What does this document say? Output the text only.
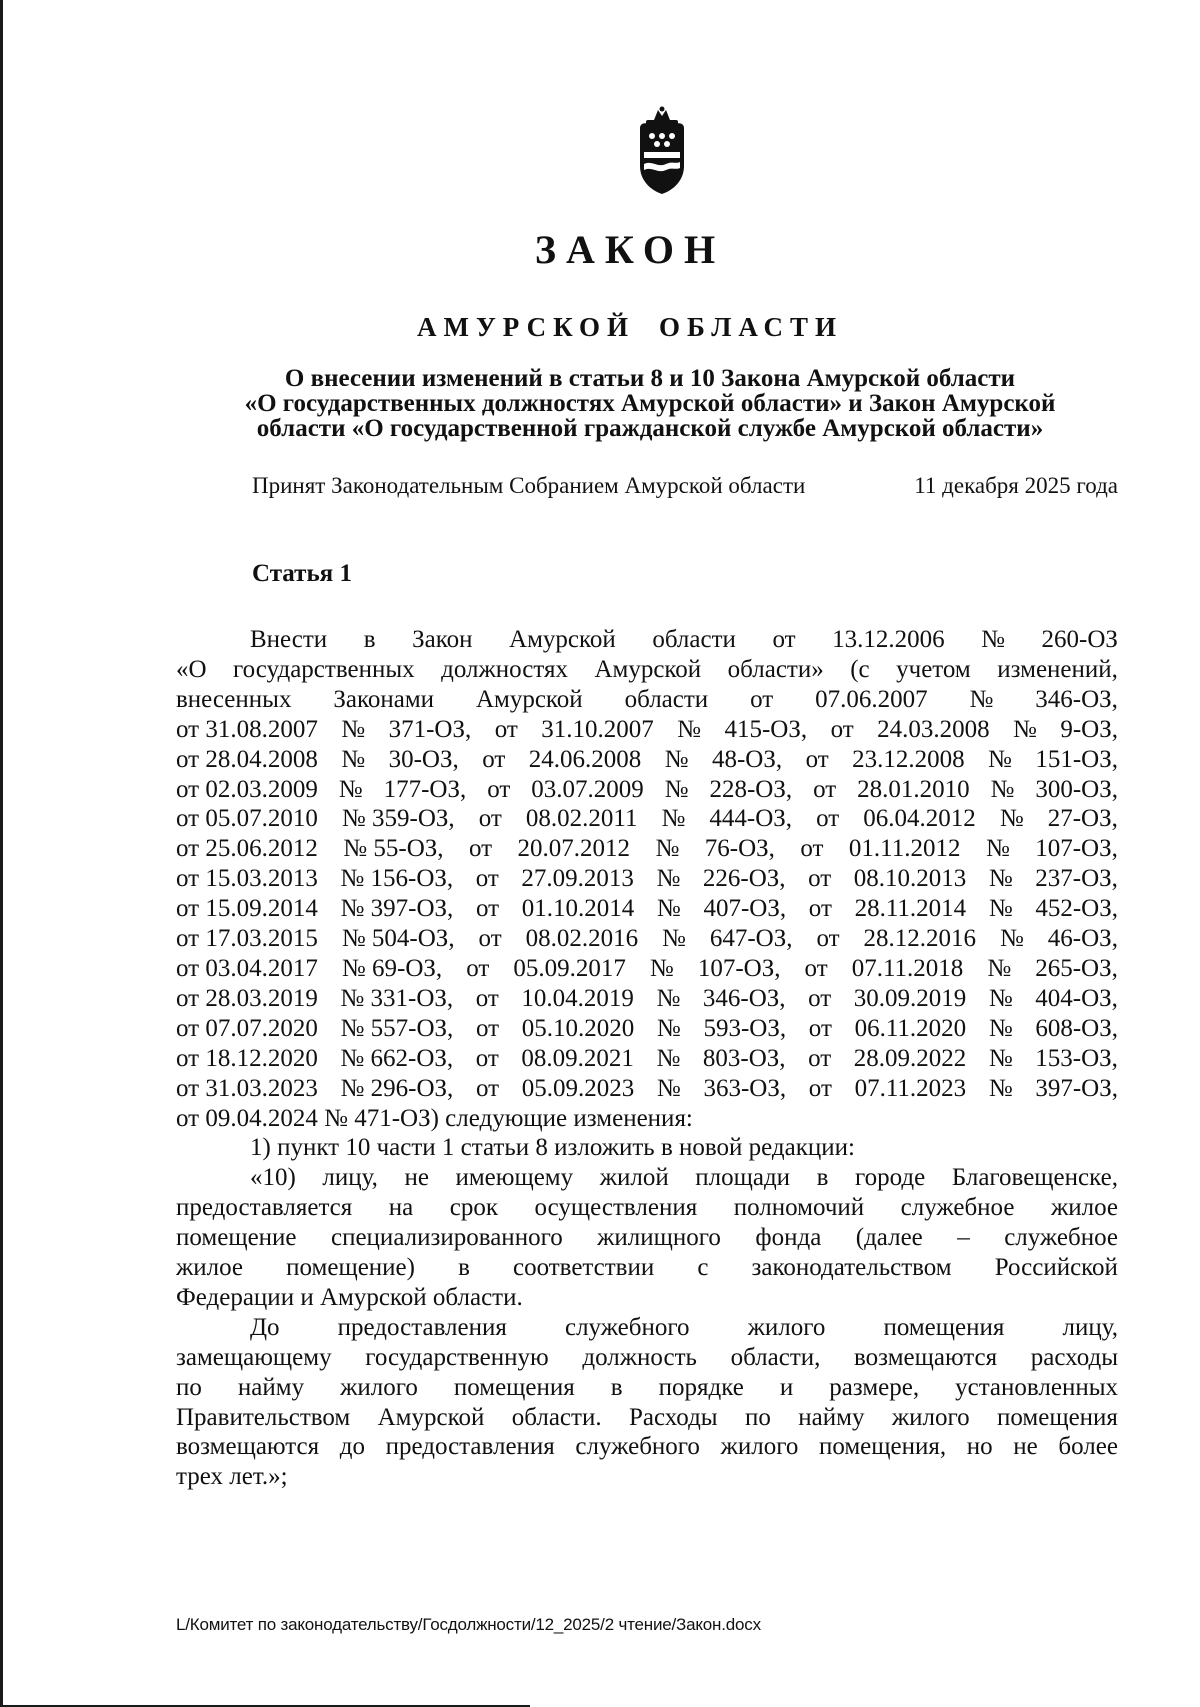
ЗАКОН
АМУРСКОЙ ОБЛАСТИ
О внесении изменений в статьи 8 и 10 Закона Амурской области
«О государственных должностях Амурской области» и Закон Амурской
области «О государственной гражданской службе Амурской области»
Принят Законодательным Собранием Амурской области	11 декабря 2025 года
Статья 1
Внести в Закон Амурской области от 13.12.2006 № 260-ОЗ
«О государственных должностях Амурской области» (с учетом изменений,
внесенных Законами Амурской области от 07.06.2007 № 346-ОЗ,
от 31.08.2007 № 371-ОЗ, от 31.10.2007 № 415-ОЗ, от 24.03.2008 № 9-ОЗ,
от 28.04.2008 № 30-ОЗ, от 24.06.2008 № 48-ОЗ, от 23.12.2008 № 151-ОЗ,
от 02.03.2009 № 177-ОЗ, от 03.07.2009 № 228-ОЗ, от 28.01.2010 № 300-ОЗ,
от 05.07.2010 № 359-ОЗ, от 08.02.2011 № 444-ОЗ, от 06.04.2012 № 27-ОЗ,
от 25.06.2012 № 55-ОЗ, от 20.07.2012 № 76-ОЗ, от 01.11.2012 № 107-ОЗ,
от 15.03.2013 № 156-ОЗ, от 27.09.2013 № 226-ОЗ, от 08.10.2013 № 237-ОЗ,
от 15.09.2014 № 397-ОЗ, от 01.10.2014 № 407-ОЗ, от 28.11.2014 № 452-ОЗ,
от 17.03.2015 № 504-ОЗ, от 08.02.2016 № 647-ОЗ, от 28.12.2016 № 46-ОЗ,
от 03.04.2017 № 69-ОЗ, от 05.09.2017 № 107-ОЗ, от 07.11.2018 № 265-ОЗ,
от 28.03.2019 № 331-ОЗ, от 10.04.2019 № 346-ОЗ, от 30.09.2019 № 404-ОЗ,
от 07.07.2020 № 557-ОЗ, от 05.10.2020 № 593-ОЗ, от 06.11.2020 № 608-ОЗ,
от 18.12.2020 № 662-ОЗ, от 08.09.2021 № 803-ОЗ, от 28.09.2022 № 153-ОЗ,
от 31.03.2023 № 296-ОЗ, от 05.09.2023 № 363-ОЗ, от 07.11.2023 № 397-ОЗ,
от 09.04.2024 № 471-ОЗ) следующие изменения:
1) пункт 10 части 1 статьи 8 изложить в новой редакции:
«10) лицу, не имеющему жилой площади в городе Благовещенске,
предоставляется на срок осуществления полномочий служебное жилое
помещение специализированного жилищного фонда (далее – служебное
жилое помещение) в соответствии с законодательством Российской
Федерации и Амурской области.
До предоставления служебного жилого помещения лицу,
замещающему государственную должность области, возмещаются расходы
по найму жилого помещения в порядке и размере, установленных
Правительством Амурской области. Расходы по найму жилого помещения
возмещаются до предоставления служебного жилого помещения, но не более
трех лет.»;
L/Комитет по законодательству/Госдолжности/12_2025/2 чтение/Закон.docx
